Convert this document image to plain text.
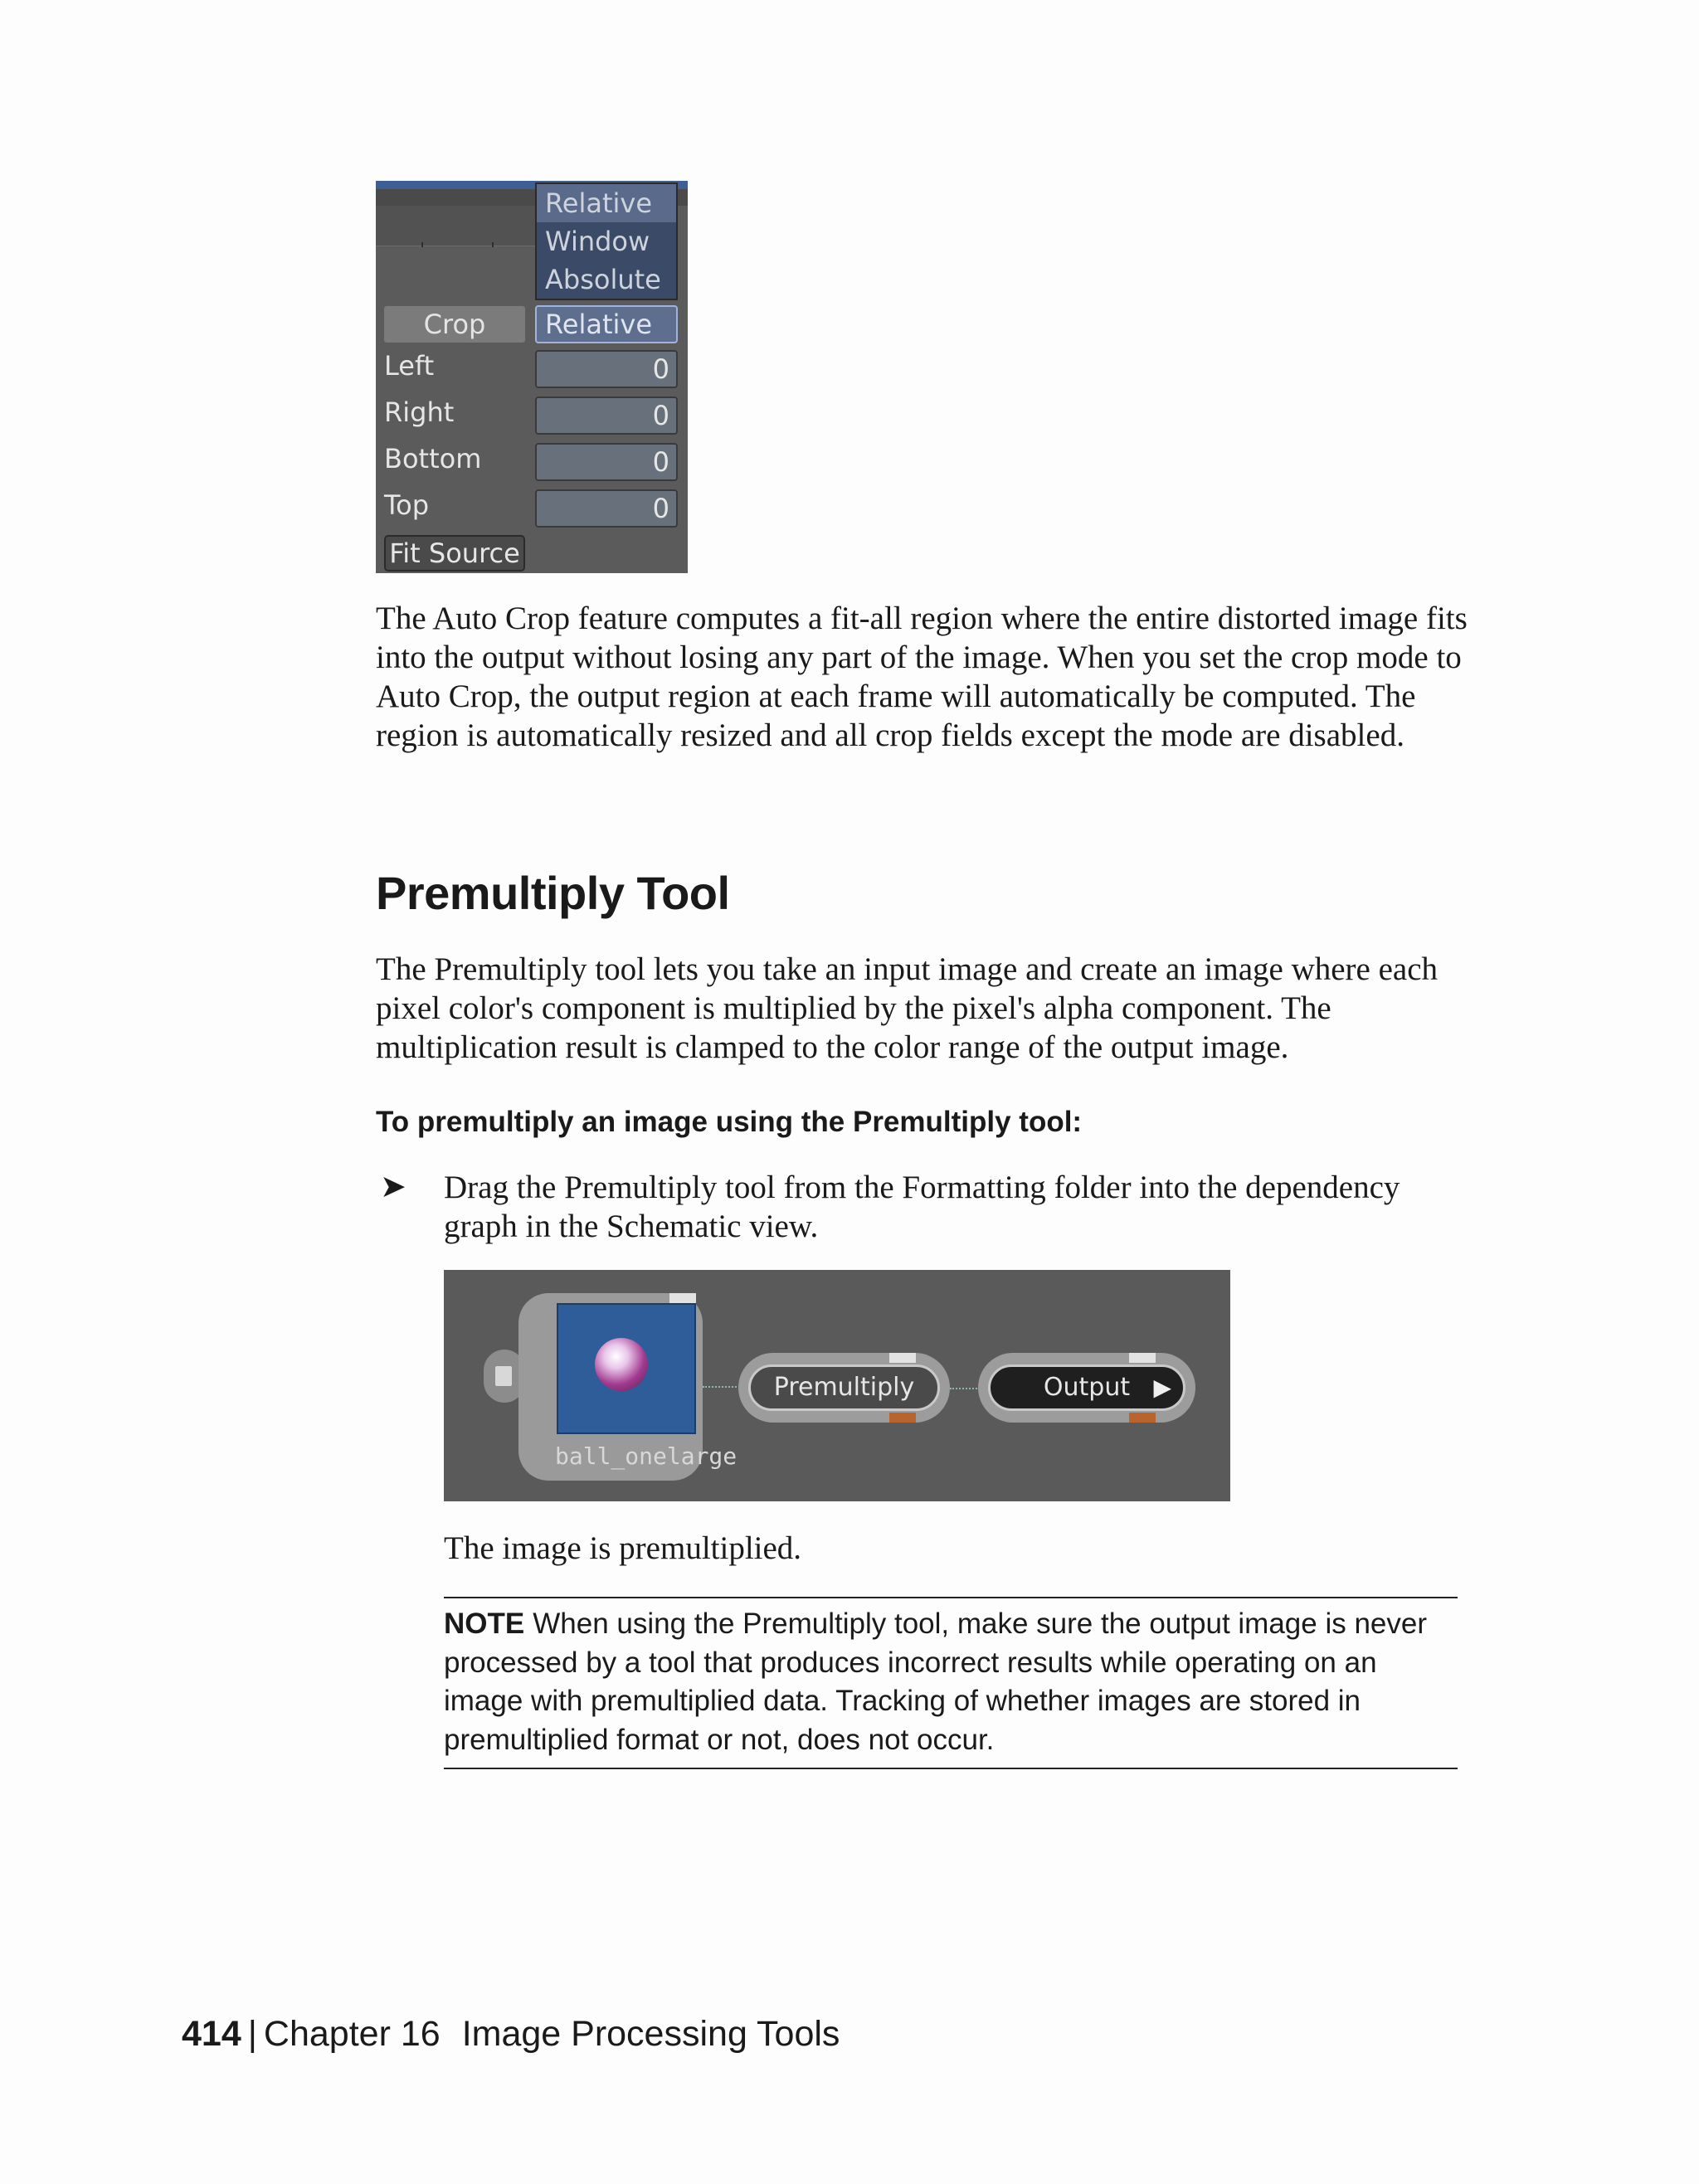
Relative
Window
Absolute
Crop	Relative
Left	0
Right	0
Bottom	0
Top	0
Fit Source

The Auto Crop feature computes a fit-all region where the entire distorted image fits into the output without losing any part of the image. When you set the crop mode to Auto Crop, the output region at each frame will automatically be computed. The region is automatically resized and all crop fields except the mode are disabled.

Premultiply Tool

The Premultiply tool lets you take an input image and create an image where each pixel color's component is multiplied by the pixel's alpha component. The multiplication result is clamped to the color range of the output image.

To premultiply an image using the Premultiply tool:
➤ Drag the Premultiply tool from the Formatting folder into the dependency graph in the Schematic view.

ball_onelarge
Premultiply	Output ▶

The image is premultiplied.

NOTE When using the Premultiply tool, make sure the output image is never processed by a tool that produces incorrect results while operating on an image with premultiplied data. Tracking of whether images are stored in premultiplied format or not, does not occur.

414 | Chapter 16 Image Processing Tools
